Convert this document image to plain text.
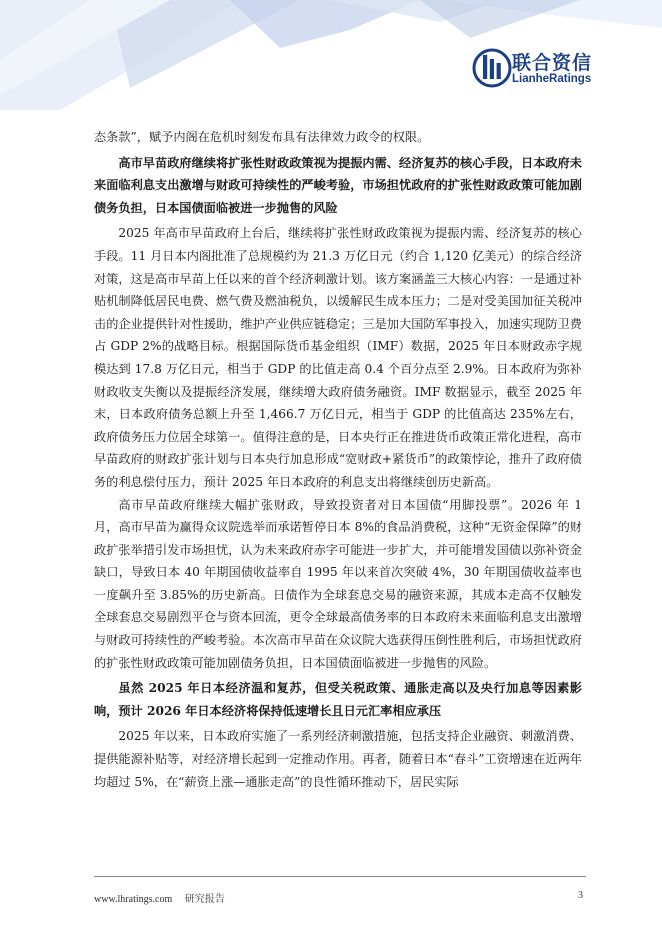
联合资信
LianheRatings

态条款”，赋予内阁在危机时刻发布具有法律效力政令的权限。

高市早苗政府继续将扩张性财政政策视为提振内需、经济复苏的核心手段，日本政府未来面临利息支出激增与财政可持续性的严峻考验，市场担忧政府的扩张性财政政策可能加剧债务负担，日本国债面临被进一步抛售的风险

2025 年高市早苗政府上台后，继续将扩张性财政政策视为提振内需、经济复苏的核心手段。11 月日本内阁批准了总规模约为 21.3 万亿日元（约合 1,120 亿美元）的综合经济对策，这是高市早苗上任以来的首个经济刺激计划。该方案涵盖三大核心内容：一是通过补贴机制降低居民电费、燃气费及燃油税负，以缓解民生成本压力；二是对受美国加征关税冲击的企业提供针对性援助，维护产业供应链稳定；三是加大国防军事投入，加速实现防卫费占 GDP 2%的战略目标。根据国际货币基金组织（IMF）数据，2025 年日本财政赤字规模达到 17.8 万亿日元，相当于 GDP 的比值走高 0.4 个百分点至 2.9%。日本政府为弥补财政收支失衡以及提振经济发展，继续增大政府债务融资。IMF 数据显示，截至 2025 年末，日本政府债务总额上升至 1,466.7 万亿日元，相当于 GDP 的比值高达 235%左右，政府债务压力位居全球第一。值得注意的是，日本央行正在推进货币政策正常化进程，高市早苗政府的财政扩张计划与日本央行加息形成“宽财政+紧货币”的政策悖论，推升了政府债务的利息偿付压力，预计 2025 年日本政府的利息支出将继续创历史新高。

高市早苗政府继续大幅扩张财政，导致投资者对日本国债“用脚投票”。2026 年 1 月，高市早苗为赢得众议院选举而承诺暂停日本 8%的食品消费税，这种“无资金保障”的财政扩张举措引发市场担忧，认为未来政府赤字可能进一步扩大，并可能增发国债以弥补资金缺口，导致日本 40 年期国债收益率自 1995 年以来首次突破 4%，30 年期国债收益率也一度飙升至 3.85%的历史新高。日债作为全球套息交易的融资来源，其成本走高不仅触发全球套息交易剧烈平仓与资本回流，更令全球最高债务率的日本政府未来面临利息支出激增与财政可持续性的严峻考验。本次高市早苗在众议院大选获得压倒性胜利后，市场担忧政府的扩张性财政政策可能加剧债务负担，日本国债面临被进一步抛售的风险。

虽然 2025 年日本经济温和复苏，但受关税政策、通胀走高以及央行加息等因素影响，预计 2026 年日本经济将保持低速增长且日元汇率相应承压

2025 年以来，日本政府实施了一系列经济刺激措施，包括支持企业融资、刺激消费、提供能源补贴等，对经济增长起到一定推动作用。再者，随着日本“春斗”工资增速在近两年均超过 5%，在“薪资上涨—通胀走高”的良性循环推动下，居民实际

www.lhratings.com 研究报告	3
